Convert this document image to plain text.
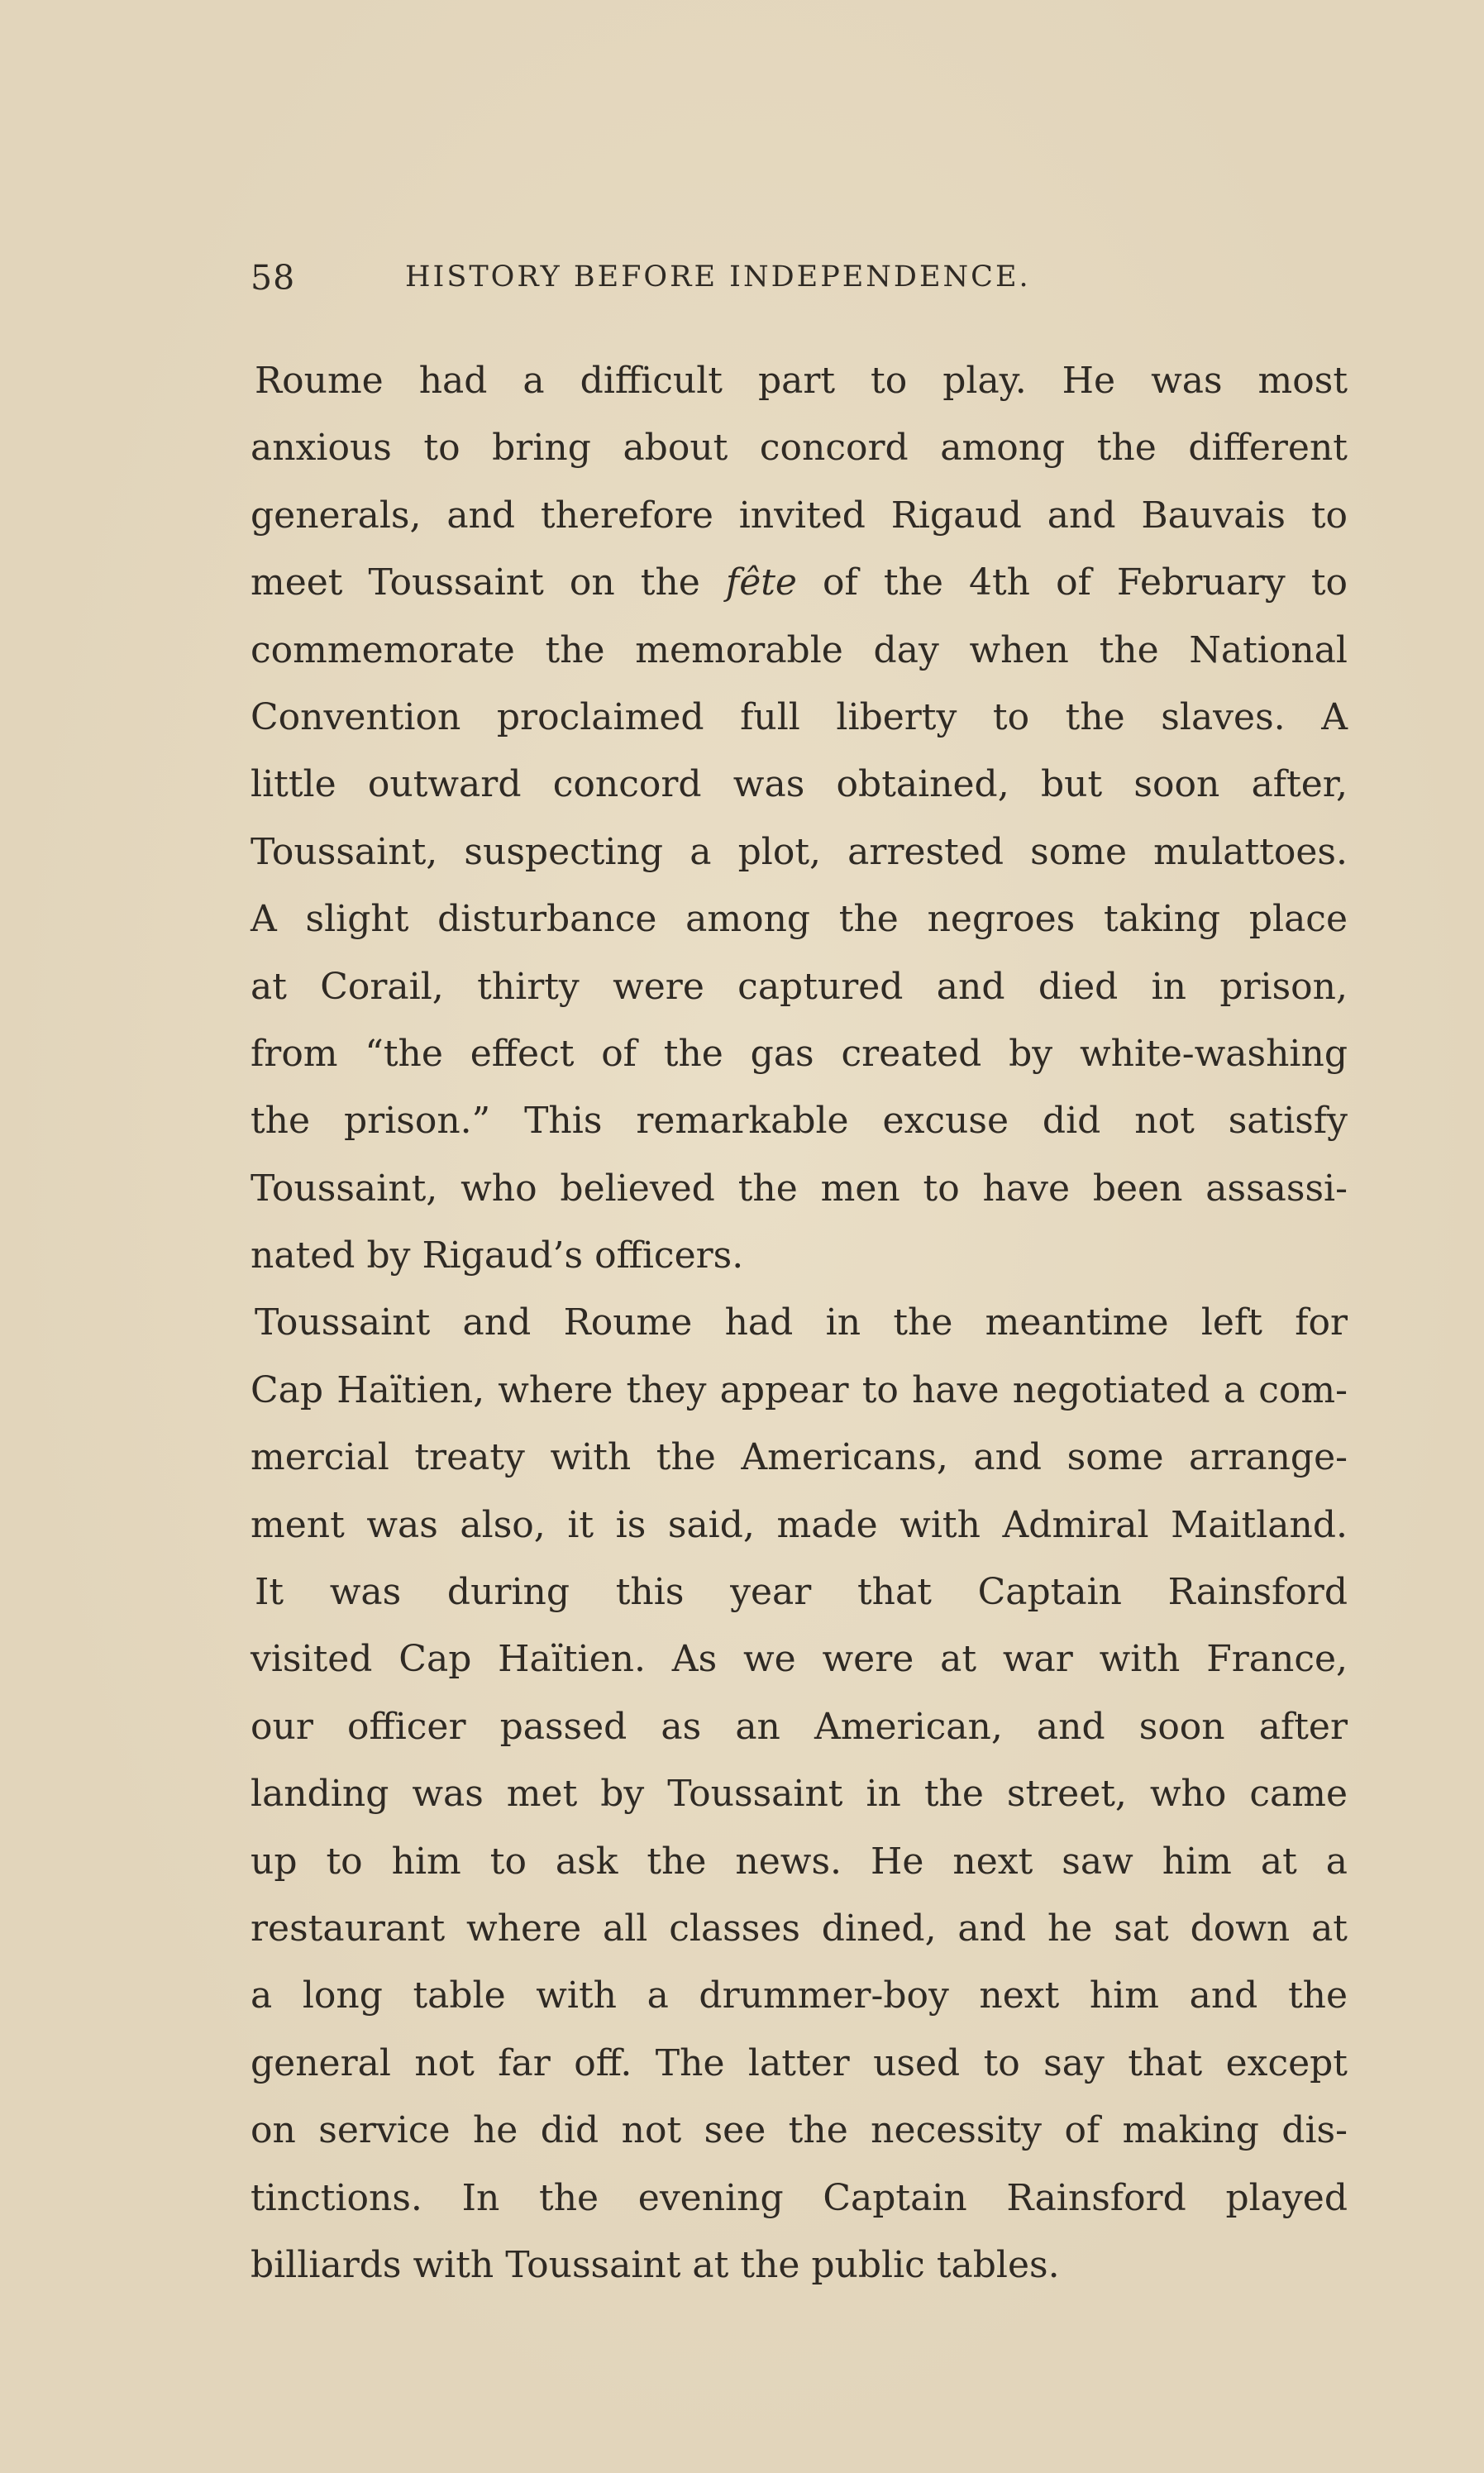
58	HISTORY BEFORE INDEPENDENCE.
Roume had a difficult part to play. He was most
anxious to bring about concord among the different
generals, and therefore invited Rigaud and Bauvais to
meet Toussaint on the fête of the 4th of February to
commemorate the memorable day when the National
Convention proclaimed full liberty to the slaves. A
little outward concord was obtained, but soon after,
Toussaint, suspecting a plot, arrested some mulattoes.
A slight disturbance among the negroes taking place
at Corail, thirty were captured and died in prison,
from “the effect of the gas created by white-washing
the prison.” This remarkable excuse did not satisfy
Toussaint, who believed the men to have been assassi-
nated by Rigaud’s officers.
Toussaint and Roume had in the meantime left for
Cap Haïtien, where they appear to have negotiated a com-
mercial treaty with the Americans, and some arrange-
ment was also, it is said, made with Admiral Maitland.
It was during this year that Captain Rainsford
visited Cap Haïtien. As we were at war with France,
our officer passed as an American, and soon after
landing was met by Toussaint in the street, who came
up to him to ask the news. He next saw him at a
restaurant where all classes dined, and he sat down at
a long table with a drummer-boy next him and the
general not far off. The latter used to say that except
on service he did not see the necessity of making dis-
tinctions. In the evening Captain Rainsford played
billiards with Toussaint at the public tables.
